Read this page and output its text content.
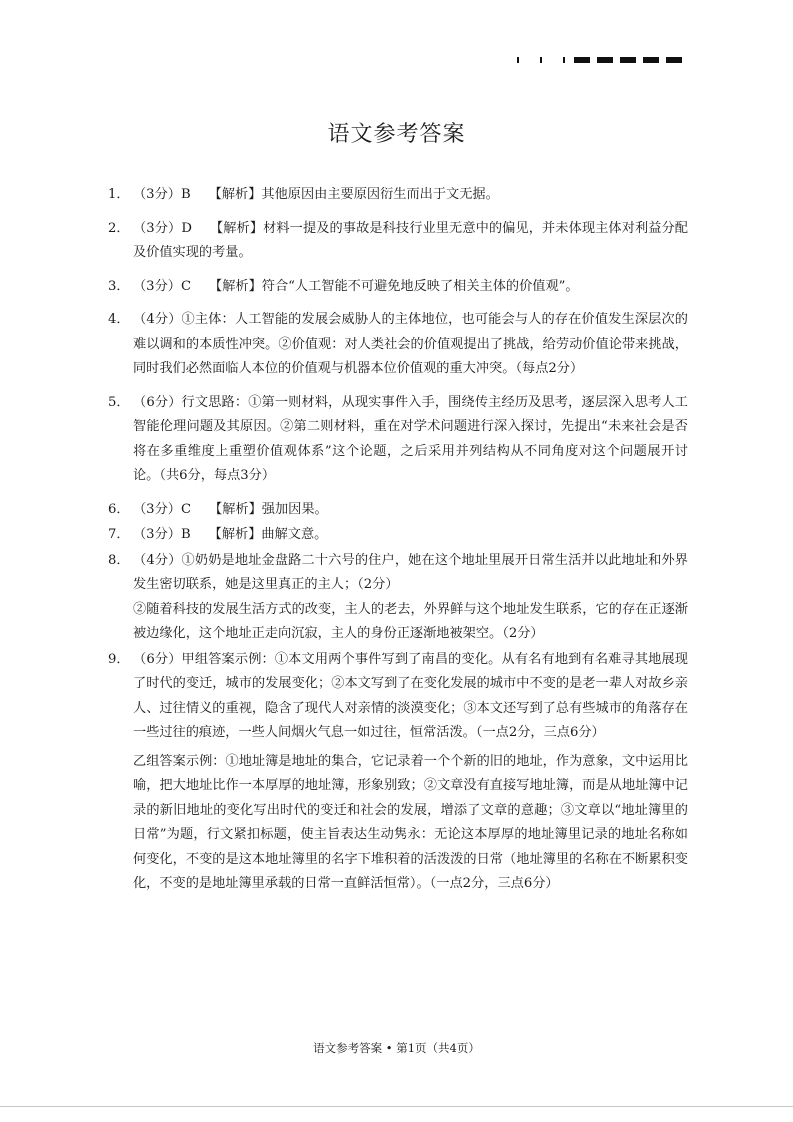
语文参考答案
1． （3分）B 【解析】其他原因由主要原因衍生而出于文无据。
2． （3分）D 【解析】材料一提及的事故是科技行业里无意中的偏见，并未体现主体对利益分配及价值实现的考量。
3． （3分）C 【解析】符合“人工智能不可避免地反映了相关主体的价值观”。
4． （4分）①主体：人工智能的发展会威胁人的主体地位，也可能会与人的存在价值发生深层次的难以调和的本质性冲突。②价值观：对人类社会的价值观提出了挑战，给劳动价值论带来挑战，同时我们必然面临人本位的价值观与机器本位价值观的重大冲突。（每点2分）

5． （6分）行文思路：①第一则材料，从现实事件入手，围绕传主经历及思考，逐层深入思考人工智能伦理问题及其原因。②第二则材料，重在对学术问题进行深入探讨，先提出“未来社会是否将在多重维度上重塑价值观体系”这个论题，之后采用并列结构从不同角度对这个问题展开讨论。（共6分，每点3分）

6． （3分）C 【解析】强加因果。
7． （3分）B 【解析】曲解文意。
8． （4分）①奶奶是地址金盘路二十六号的住户，她在这个地址里展开日常生活并以此地址和外界发生密切联系，她是这里真正的主人；（2分）

②随着科技的发展生活方式的改变，主人的老去，外界鲜与这个地址发生联系，它的存在正逐渐被边缘化，这个地址正走向沉寂，主人的身份正逐渐地被架空。（2分）

9． （6分）甲组答案示例：①本文用两个事件写到了南昌的变化。从有名有地到有名难寻其地展现了时代的变迁，城市的发展变化；②本文写到了在变化发展的城市中不变的是老一辈人对故乡亲人、过往情义的重视，隐含了现代人对亲情的淡漠变化；③本文还写到了总有些城市的角落存在一些过往的痕迹，一些人间烟火气息一如过往，恒常活泼。（一点2分，三点6分）

乙组答案示例：①地址簿是地址的集合，它记录着一个个新的旧的地址，作为意象，文中运用比喻，把大地址比作一本厚厚的地址簿，形象别致；②文章没有直接写地址簿，而是从地址簿中记录的新旧地址的变化写出时代的变迁和社会的发展，增添了文章的意趣；③文章以“地址簿里的日常”为题，行文紧扣标题，使主旨表达生动隽永：无论这本厚厚的地址簿里记录的地址名称如何变化，不变的是这本地址簿里的名字下堆积着的活泼泼的日常（地址簿里的名称在不断累积变化，不变的是地址簿里承载的日常一直鲜活恒常）。（一点2分，三点6分）

语文参考答案 • 第1页（共4页）
